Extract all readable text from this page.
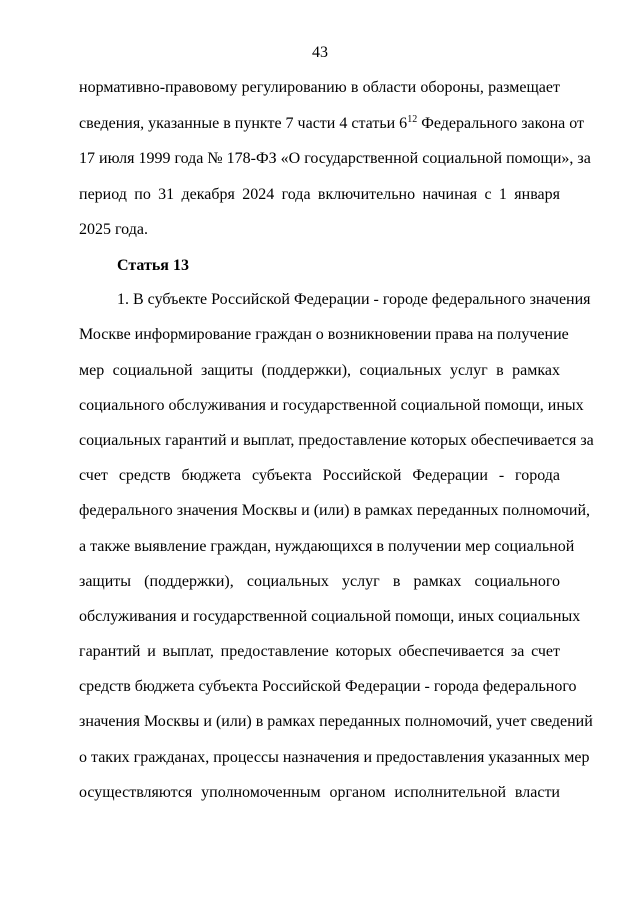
43
нормативно-правовому регулированию в области обороны, размещает
сведения, указанные в пункте 7 части 4 статьи $6^{12}$ Федерального закона от
17 июля 1999 года № 178-ФЗ «О государственной социальной помощи», за
период по 31 декабря 2024 года включительно начиная с 1 января
2025 года.
Статья 13
1. В субъекте Российской Федерации - городе федерального значения
Москве информирование граждан о возникновении права на получение
мер социальной защиты (поддержки), социальных услуг в рамках
социального обслуживания и государственной социальной помощи, иных
социальных гарантий и выплат, предоставление которых обеспечивается за
счет средств бюджета субъекта Российской Федерации - города
федерального значения Москвы и (или) в рамках переданных полномочий,
а также выявление граждан, нуждающихся в получении мер социальной
защиты (поддержки), социальных услуг в рамках социального
обслуживания и государственной социальной помощи, иных социальных
гарантий и выплат, предоставление которых обеспечивается за счет
средств бюджета субъекта Российской Федерации - города федерального
значения Москвы и (или) в рамках переданных полномочий, учет сведений
о таких гражданах, процессы назначения и предоставления указанных мер
осуществляются уполномоченным органом исполнительной власти
